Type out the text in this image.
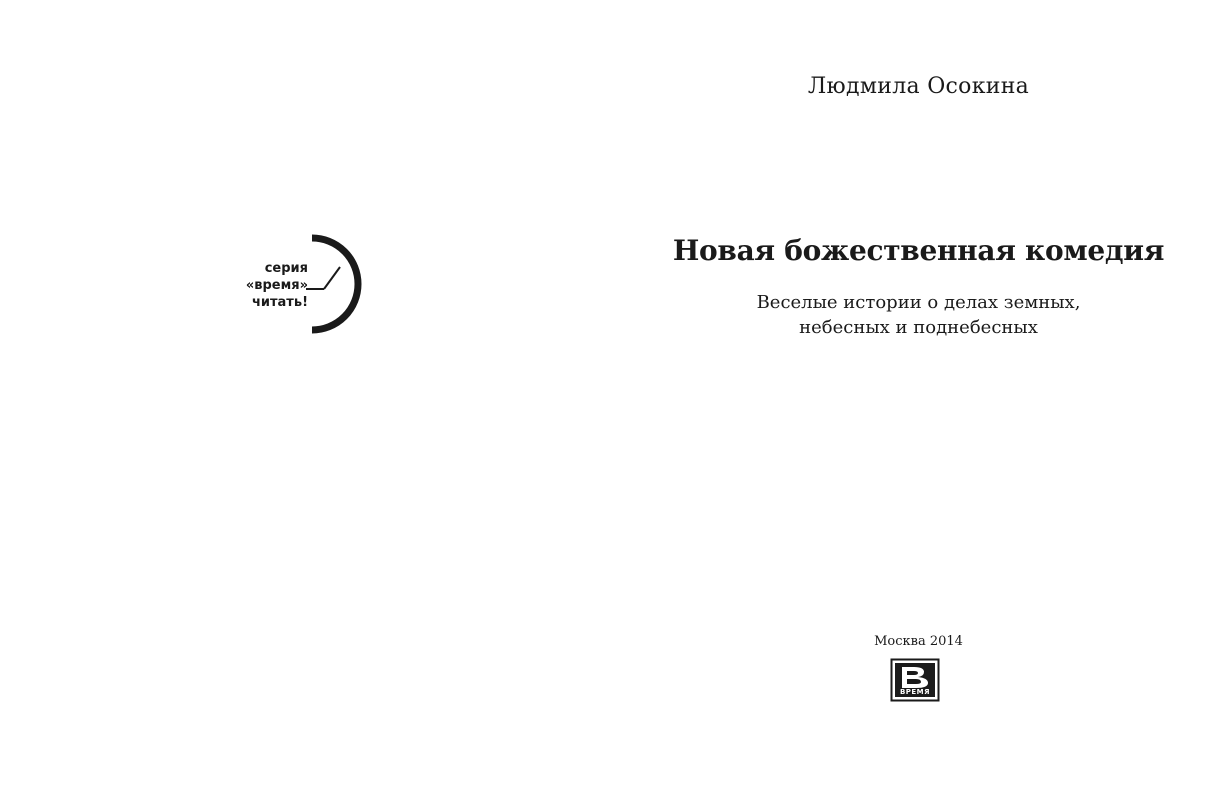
серия
«время»
читать!
Людмила Осокина
Новая божественная комедия
Веселые истории о делах земных,
небесных и поднебесных
Москва 2014
ВРЕМЯ
